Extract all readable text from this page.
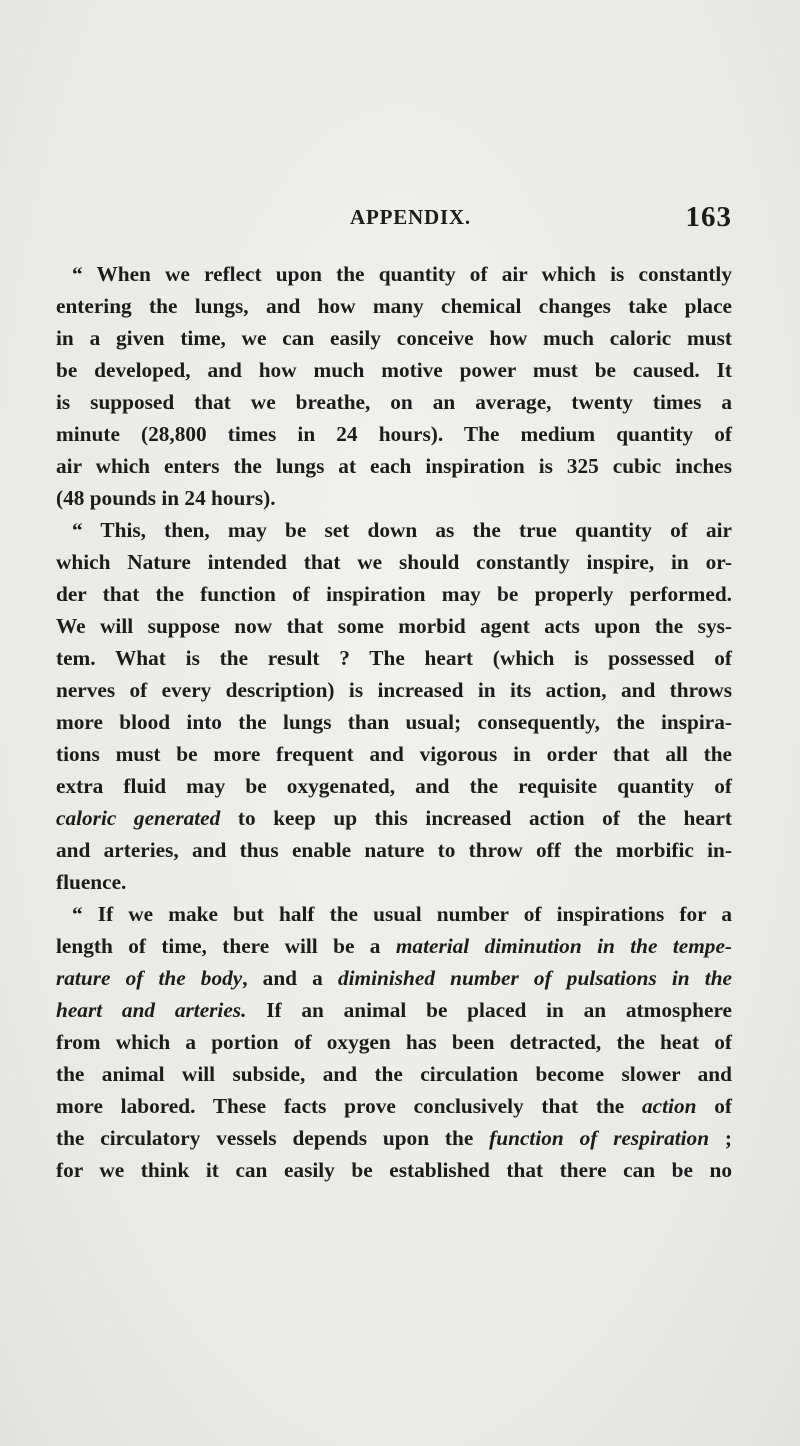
APPENDIX.	163
“ When we reflect upon the quantity of air which is constantly
entering the lungs, and how many chemical changes take place
in a given time, we can easily conceive how much caloric must
be developed, and how much motive power must be caused. It
is supposed that we breathe, on an average, twenty times a
minute (28,800 times in 24 hours). The medium quantity of
air which enters the lungs at each inspiration is 325 cubic inches
(48 pounds in 24 hours).
“ This, then, may be set down as the true quantity of air
which Nature intended that we should constantly inspire, in or-
der that the function of inspiration may be properly performed.
We will suppose now that some morbid agent acts upon the sys-
tem. What is the result ? The heart (which is possessed of
nerves of every description) is increased in its action, and throws
more blood into the lungs than usual; consequently, the inspira-
tions must be more frequent and vigorous in order that all the
extra fluid may be oxygenated, and the requisite quantity of
caloric generated to keep up this increased action of the heart
and arteries, and thus enable nature to throw off the morbific in-
fluence.
“ If we make but half the usual number of inspirations for a
length of time, there will be a material diminution in the tempe-
rature of the body, and a diminished number of pulsations in the
heart and arteries. If an animal be placed in an atmosphere
from which a portion of oxygen has been detracted, the heat of
the animal will subside, and the circulation become slower and
more labored. These facts prove conclusively that the action of
the circulatory vessels depends upon the function of respiration ;
for we think it can easily be established that there can be no
